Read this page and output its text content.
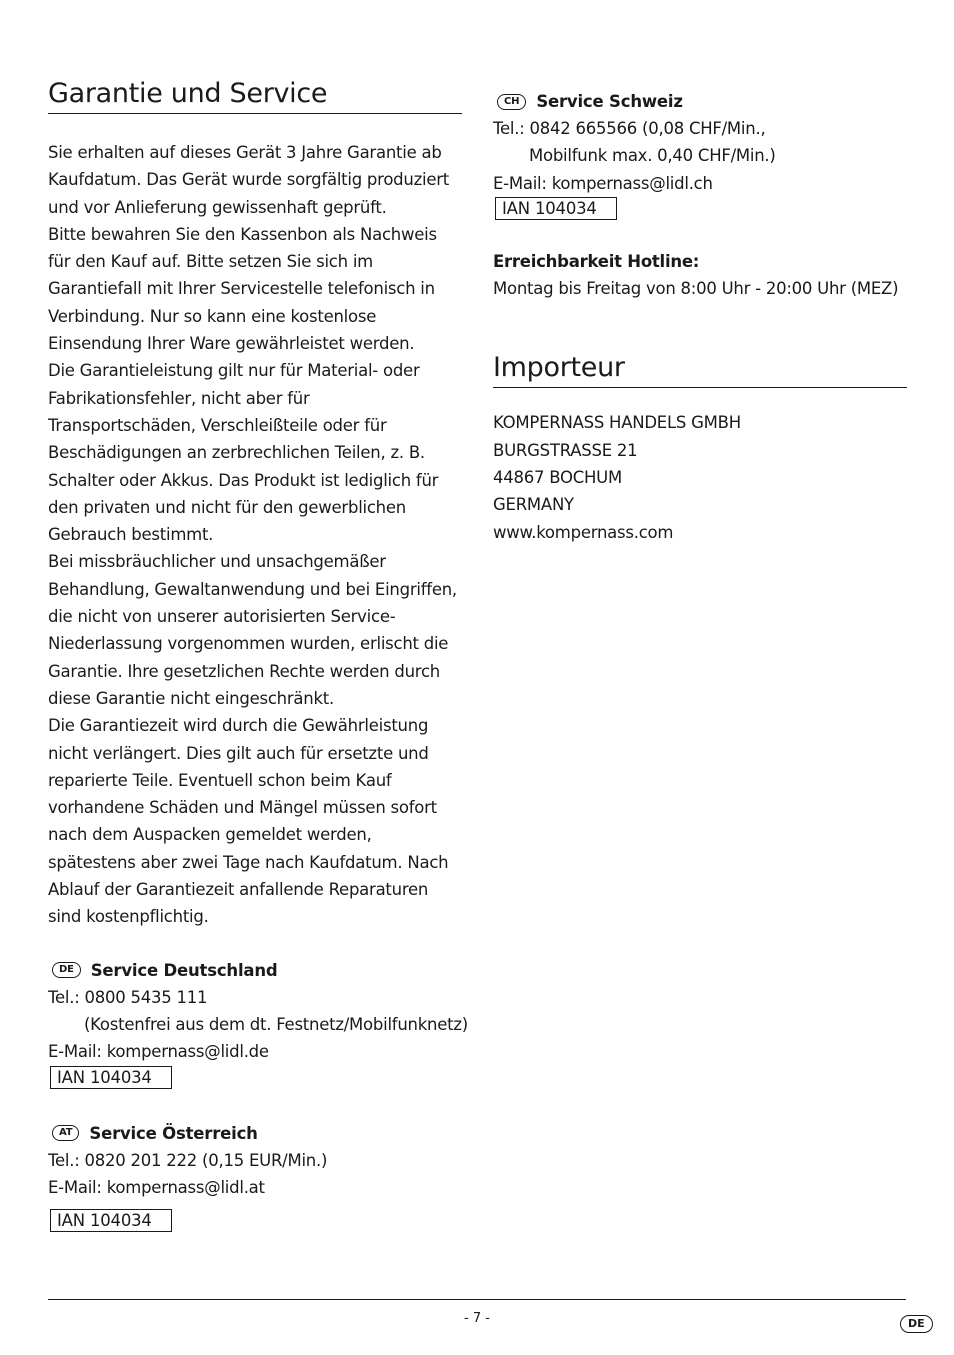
Garantie und Service

Sie erhalten auf dieses Gerät 3 Jahre Garantie ab Kaufdatum. Das Gerät wurde sorgfältig produziert und vor Anlieferung gewissenhaft geprüft.

Bitte bewahren Sie den Kassenbon als Nachweis für den Kauf auf. Bitte setzen Sie sich im Garantiefall mit Ihrer Servicestelle telefonisch in Verbindung. Nur so kann eine kostenlose Einsendung Ihrer Ware gewährleistet werden.

Die Garantieleistung gilt nur für Material- oder Fabrikationsfehler, nicht aber für Transportschäden, Verschleißteile oder für Beschädigungen an zerbrechlichen Teilen, z. B. Schalter oder Akkus. Das Produkt ist lediglich für den privaten und nicht für den gewerblichen Gebrauch bestimmt.

Bei missbräuchlicher und unsachgemäßer Behandlung, Gewaltanwendung und bei Eingriffen, die nicht von unserer autorisierten Service-Niederlassung vorgenommen wurden, erlischt die Garantie. Ihre gesetzlichen Rechte werden durch diese Garantie nicht eingeschränkt.

Die Garantiezeit wird durch die Gewährleistung nicht verlängert. Dies gilt auch für ersetzte und reparierte Teile. Eventuell schon beim Kauf vorhandene Schäden und Mängel müssen sofort nach dem Auspacken gemeldet werden, spätestens aber zwei Tage nach Kaufdatum. Nach Ablauf der Garantiezeit anfallende Reparaturen sind kostenpflichtig.

DE	Service Deutschland

Tel.: 0800 5435 111

(Kostenfrei aus dem dt. Festnetz/Mobilfunknetz)

E-Mail: kompernass@lidl.de

IAN 104034
AT	Service Österreich

Tel.: 0820 201 222 (0,15 EUR/Min.)

E-Mail: kompernass@lidl.at

IAN 104034
CH	Service Schweiz

Tel.: 0842 665566 (0,08 CHF/Min.,

Mobilfunk max. 0,40 CHF/Min.)

E-Mail: kompernass@lidl.ch

IAN 104034

Erreichbarkeit Hotline:

Montag bis Freitag von 8:00 Uhr - 20:00 Uhr (MEZ)

Importeur

KOMPERNASS HANDELS GMBH

BURGSTRASSE 21

44867 BOCHUM

GERMANY

www.kompernass.com

- 7 -	DE
